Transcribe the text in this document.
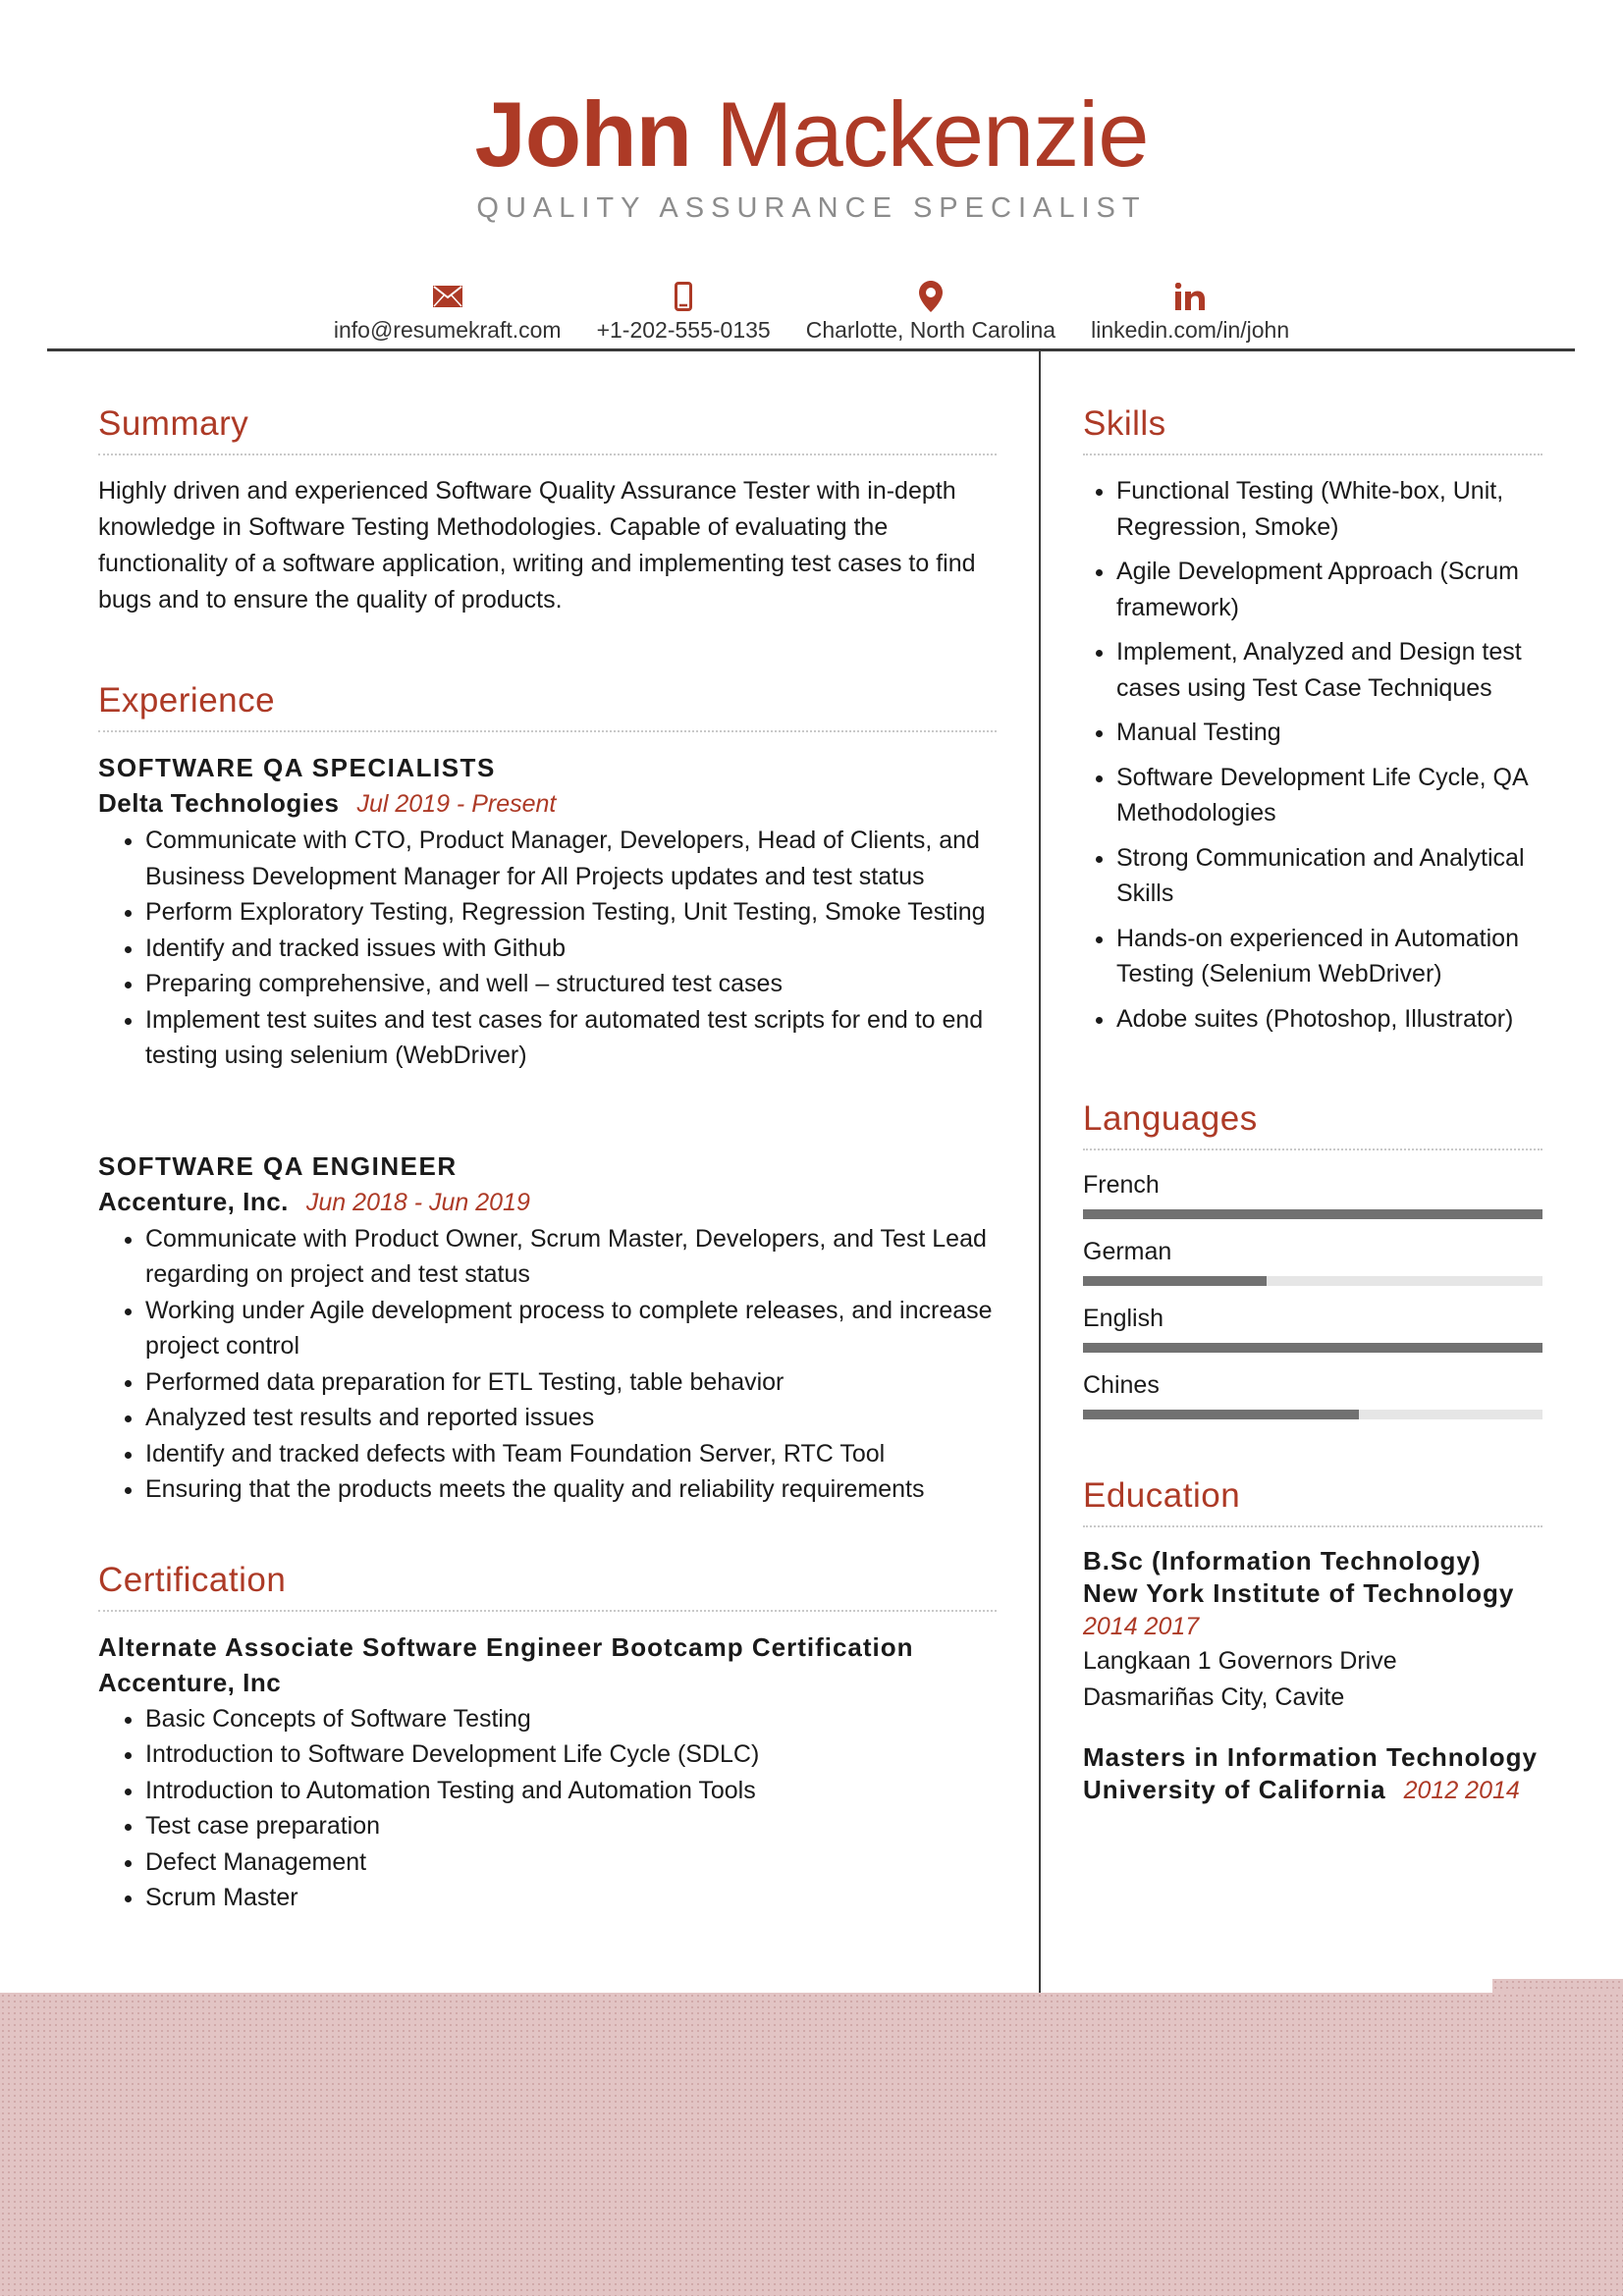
John Mackenzie
QUALITY ASSURANCE SPECIALIST
info@resumekraft.com +1-202-555-0135 Charlotte, North Carolina linkedin.com/in/john
Summary

Highly driven and experienced Software Quality Assurance Tester with in-depth knowledge in Software Testing Methodologies. Capable of evaluating the functionality of a software application, writing and implementing test cases to find bugs and to ensure the quality of products.

Experience

SOFTWARE QA SPECIALISTS

Delta Technologies Jul 2019 - Present

• Communicate with CTO, Product Manager, Developers, Head of Clients, and Business Development Manager for All Projects updates and test status
• Perform Exploratory Testing, Regression Testing, Unit Testing, Smoke Testing
• Identify and tracked issues with Github
• Preparing comprehensive, and well – structured test cases
• Implement test suites and test cases for automated test scripts for end to end testing using selenium (WebDriver)

SOFTWARE QA ENGINEER

Accenture, Inc. Jun 2018 - Jun 2019

• Communicate with Product Owner, Scrum Master, Developers, and Test Lead regarding on project and test status
• Working under Agile development process to complete releases, and increase project control
• Performed data preparation for ETL Testing, table behavior
• Analyzed test results and reported issues
• Identify and tracked defects with Team Foundation Server, RTC Tool
• Ensuring that the products meets the quality and reliability requirements
Certification

Alternate Associate Software Engineer Bootcamp Certification

Accenture, Inc

• Basic Concepts of Software Testing
• Introduction to Software Development Life Cycle (SDLC)
• Introduction to Automation Testing and Automation Tools
• Test case preparation
• Defect Management
• Scrum Master
Skills
• Functional Testing (White-box, Unit, Regression, Smoke)
• Agile Development Approach (Scrum framework)
• Implement, Analyzed and Design test cases using Test Case Techniques
• Manual Testing
• Software Development Life Cycle, QA Methodologies
• Strong Communication and Analytical Skills
• Hands-on experienced in Automation Testing (Selenium WebDriver)
• Adobe suites (Photoshop, Illustrator)
Languages
French
German
English
Chines
Education

B.Sc (Information Technology)

New York Institute of Technology

2014 2017
Langkaan 1 Governors Drive
Dasmariñas City, Cavite

Masters in Information Technology

University of California 2012 2014
